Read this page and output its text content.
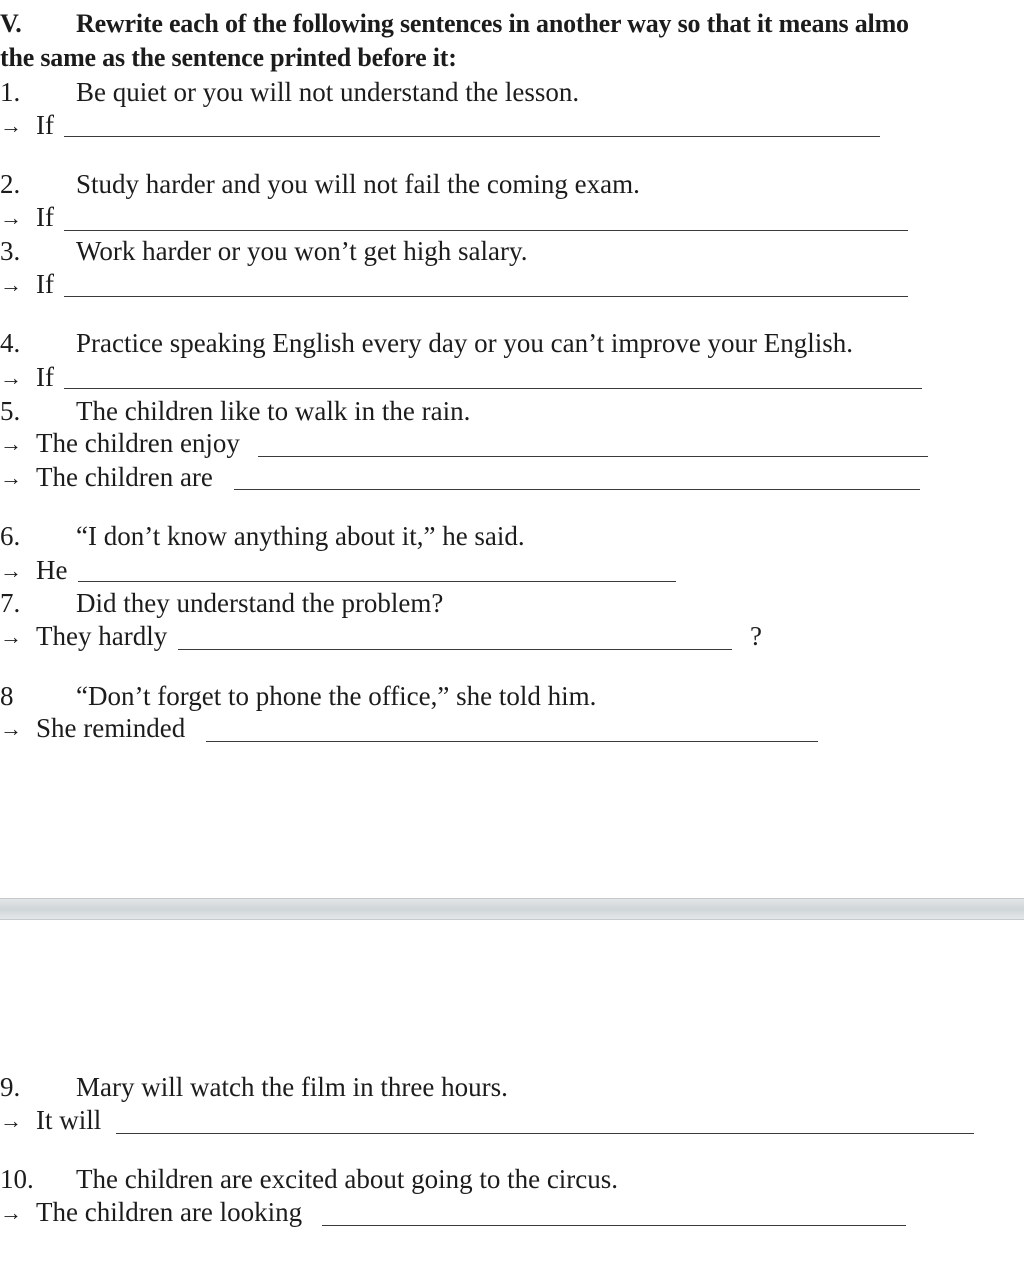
V. Rewrite each of the following sentences in another way so that it means almo
the same as the sentence printed before it:
1. Be quiet or you will not understand the lesson.
→ If
2. Study harder and you will not fail the coming exam.
→ If
3. Work harder or you won’t get high salary.
→ If
4. Practice speaking English every day or you can’t improve your English.
→ If
5. The children like to walk in the rain.
→ The children enjoy
→ The children are
6. “I don’t know anything about it,” he said.
→ He
7. Did they understand the problem?
→ They hardly	?
8 “Don’t forget to phone the office,” she told him.
→ She reminded
9. Mary will watch the film in three hours.
→ It will
10. The children are excited about going to the circus.
→ The children are looking
